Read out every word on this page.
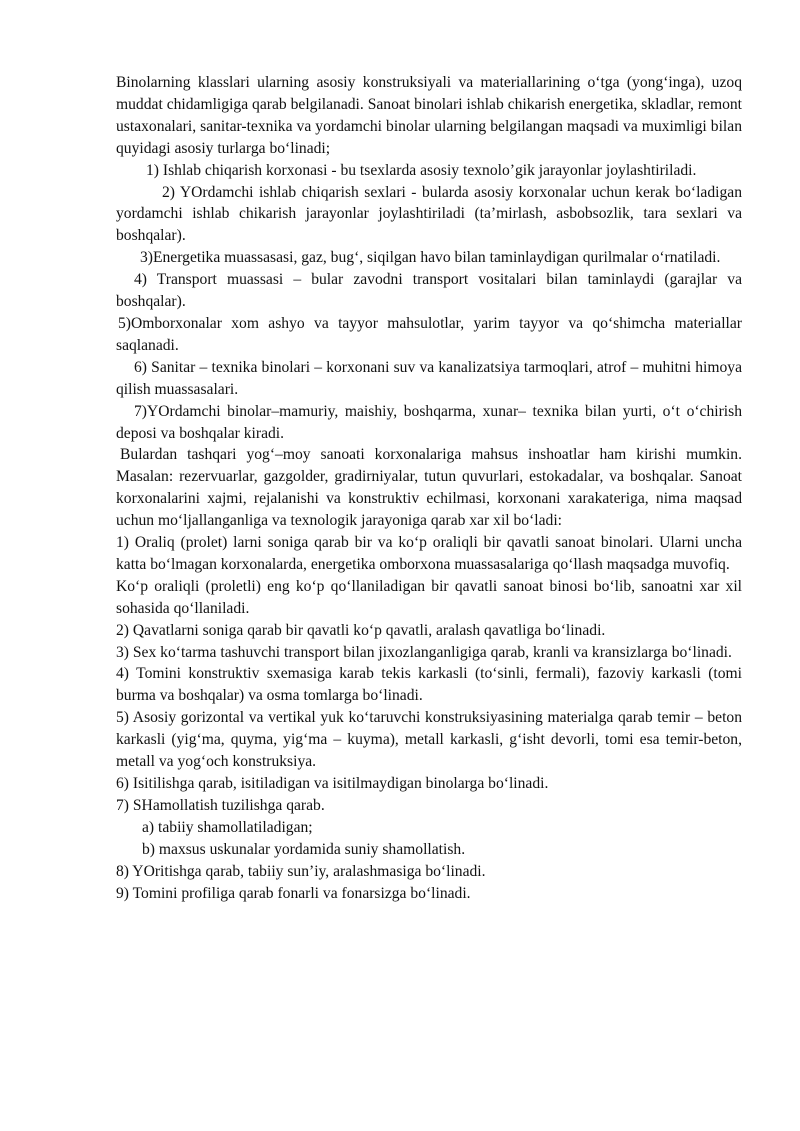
Binolarning klasslari ularning asosiy konstruksiyali va materiallarining o‘tga (yong‘inga), uzoq muddat chidamligiga qarab belgilanadi. Sanoat binolari ishlab chikarish energetika, skladlar, remont ustaxonalari, sanitar-texnika va yordamchi binolar ularning belgilangan maqsadi va muximligi bilan quyidagi asosiy turlarga bo‘linadi;

1) Ishlab chiqarish korxonasi - bu tsexlarda asosiy texnolo’gik jarayonlar joylashtiriladi.

2) YOrdamchi ishlab chiqarish sexlari - bularda asosiy korxonalar uchun kerak bo‘ladigan yordamchi ishlab chikarish jarayonlar joylashtiriladi (ta’mirlash, asbobsozlik, tara sexlari va boshqalar).

3)Energetika muassasasi, gaz, bug‘, siqilgan havo bilan taminlaydigan qurilmalar o‘rnatiladi.

4) Transport muassasi – bular zavodni transport vositalari bilan taminlaydi (garajlar va boshqalar).

5)Omborxonalar xom ashyo va tayyor mahsulotlar, yarim tayyor va qo‘shimcha materiallar saqlanadi.

6) Sanitar – texnika binolari – korxonani suv va kanalizatsiya tarmoqlari, atrof – muhitni himoya qilish muassasalari.

7)YOrdamchi binolar–mamuriy, maishiy, boshqarma, xunar– texnika bilan yurti, o‘t o‘chirish deposi va boshqalar kiradi.

Bulardan tashqari yog‘–moy sanoati korxonalariga mahsus inshoatlar ham kirishi mumkin. Masalan: rezervuarlar, gazgolder, gradirniyalar, tutun quvurlari, estokadalar, va boshqalar. Sanoat korxonalarini xajmi, rejalanishi va konstruktiv echilmasi, korxonani xarakateriga, nima maqsad uchun mo‘ljallanganliga va texnologik jarayoniga qarab xar xil bo‘ladi:

1) Oraliq (prolet) larni soniga qarab bir va ko‘p oraliqli bir qavatli sanoat binolari. Ularni uncha katta bo‘lmagan korxonalarda, energetika omborxona muassasalariga qo‘llash maqsadga muvofiq.

Ko‘p oraliqli (proletli) eng ko‘p qo‘llaniladigan bir qavatli sanoat binosi bo‘lib, sanoatni xar xil sohasida qo‘llaniladi.

2) Qavatlarni soniga qarab bir qavatli ko‘p qavatli, aralash qavatliga bo‘linadi.

3) Sex ko‘tarma tashuvchi transport bilan jixozlanganligiga qarab, kranli va kransizlarga bo‘linadi.

4) Tomini konstruktiv sxemasiga karab tekis karkasli (to‘sinli, fermali), fazoviy karkasli (tomi burma va boshqalar) va osma tomlarga bo‘linadi.

5) Asosiy gorizontal va vertikal yuk ko‘taruvchi konstruksiyasining materialga qarab temir – beton karkasli (yig‘ma, quyma, yig‘ma – kuyma), metall karkasli, g‘isht devorli, tomi esa temir-beton, metall va yog‘och konstruksiya.

6) Isitilishga qarab, isitiladigan va isitilmaydigan binolarga bo‘linadi.

7) SHamollatish tuzilishga qarab.

a) tabiiy shamollatiladigan;

b) maxsus uskunalar yordamida suniy shamollatish.

8) YOritishga qarab, tabiiy sun’iy, aralashmasiga bo‘linadi.

9) Tomini profiliga qarab fonarli va fonarsizga bo‘linadi.
